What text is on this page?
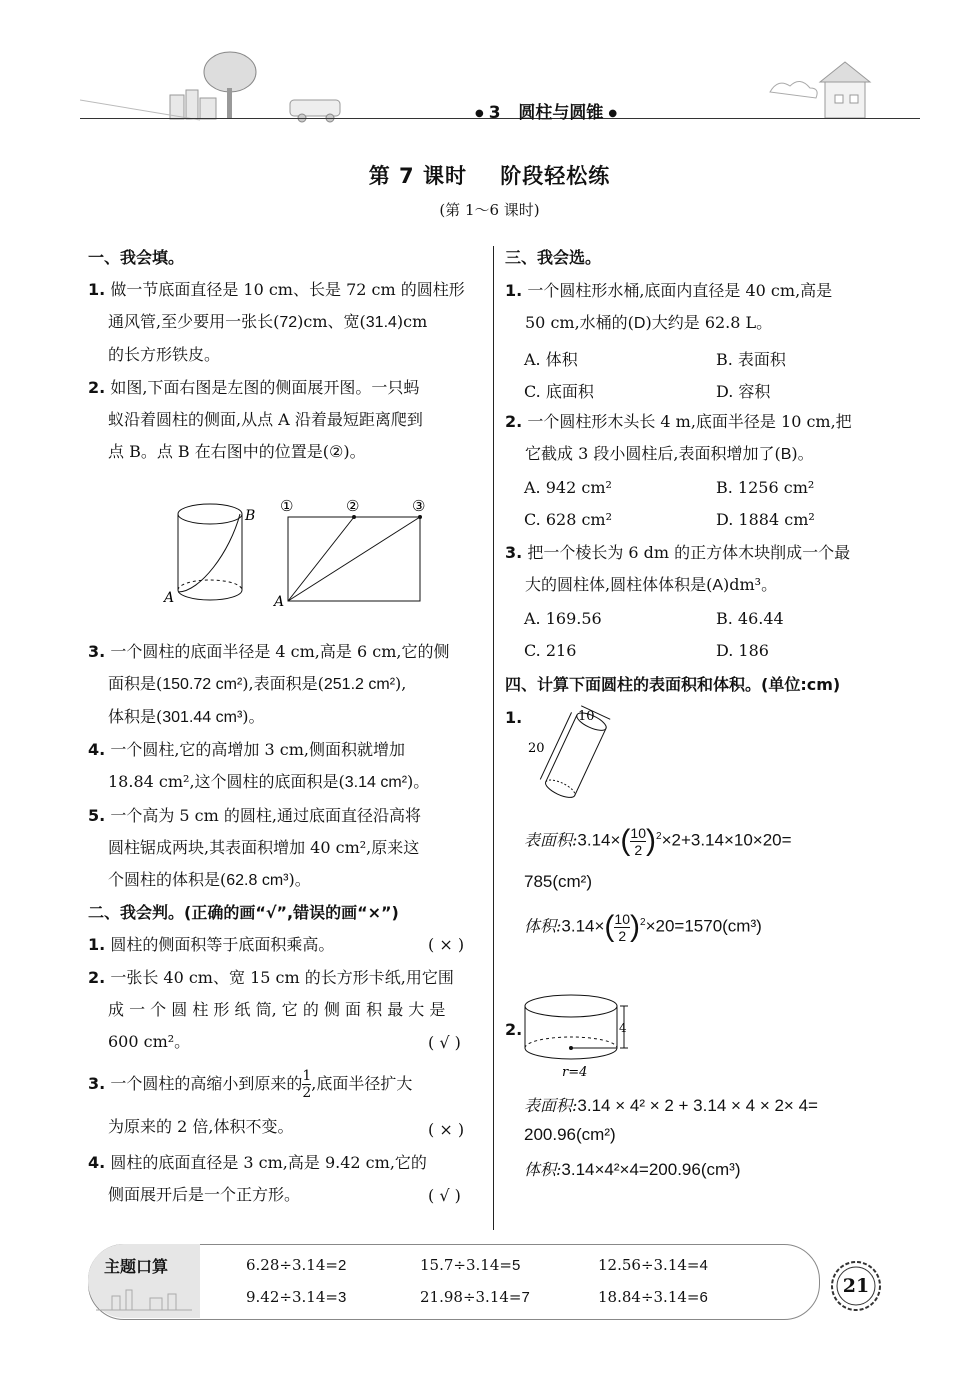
● 3 圆柱与圆锥 ●
第 7 课时    阶段轻松练
(第 1～6 课时)
一、我会填。
1. 做一节底面直径是 10 cm、长是 72 cm 的圆柱形
通风管,至少要用一张长(72)cm、宽(31.4)cm
的长方形铁皮。
2. 如图,下面右图是左图的侧面展开图。一只蚂
蚁沿着圆柱的侧面,从点 A 沿着最短距离爬到
点 B。点 B 在右图中的位置是(②)。
A
B
A
①	②	③
3. 一个圆柱的底面半径是 4 cm,高是 6 cm,它的侧
面积是(150.72 cm²),表面积是(251.2 cm²),
体积是(301.44 cm³)。
4. 一个圆柱,它的高增加 3 cm,侧面积就增加
18.84 cm²,这个圆柱的底面积是(3.14 cm²)。
5. 一个高为 5 cm 的圆柱,通过底面直径沿高将
圆柱锯成两块,其表面积增加 40 cm²,原来这
个圆柱的体积是(62.8 cm³)。
二、我会判。(正确的画“√”,错误的画“×”)
1. 圆柱的侧面积等于底面积乘高。	( × )
2. 一张长 40 cm、宽 15 cm 的长方形卡纸,用它围
成 一 个 圆 柱 形 纸 筒, 它 的 侧 面 积 最 大 是
600 cm²。	( √ )
3. 一个圆柱的高缩小到原来的 $\frac{1}{2}$ ,底面半径扩大
为原来的 2 倍,体积不变。	( × )
4. 圆柱的底面直径是 3 cm,高是 9.42 cm,它的
侧面展开后是一个正方形。	( √ )
三、我会选。
1. 一个圆柱形水桶,底面内直径是 40 cm,高是
50 cm,水桶的(D)大约是 62.8 L。
A. 体积	B. 表面积
C. 底面积	D. 容积
2. 一个圆柱形木头长 4 m,底面半径是 10 cm,把
它截成 3 段小圆柱后,表面积增加了(B)。
A. 942 cm²	B. 1256 cm²
C. 628 cm²	D. 1884 cm²
3. 把一个棱长为 6 dm 的正方体木块削成一个最
大的圆柱体,圆柱体体积是(A)dm³。
A. 169.56	B. 46.44
C. 216	D. 186
四、计算下面圆柱的表面积和体积。(单位:cm)
1.	10
20
表面积:3.14×( $\frac{10}{2} )^2\times 2+3.14\times 10\times 20=$
785(cm²)
体积:3.14×( $\frac{10}{2} )^2\times 20=1570(cm^3)$
2.	4
r=4
表面积:3.14 × 4² × 2 + 3.14 × 4 × 2× 4=
200.96(cm²)
体积:3.14×4²×4=200.96(cm³)
主题口算	6.28÷3.14=2	15.7÷3.14=5	12.56÷3.14=4
9.42÷3.14=3	21.98÷3.14=7	18.84÷3.14=6
21
